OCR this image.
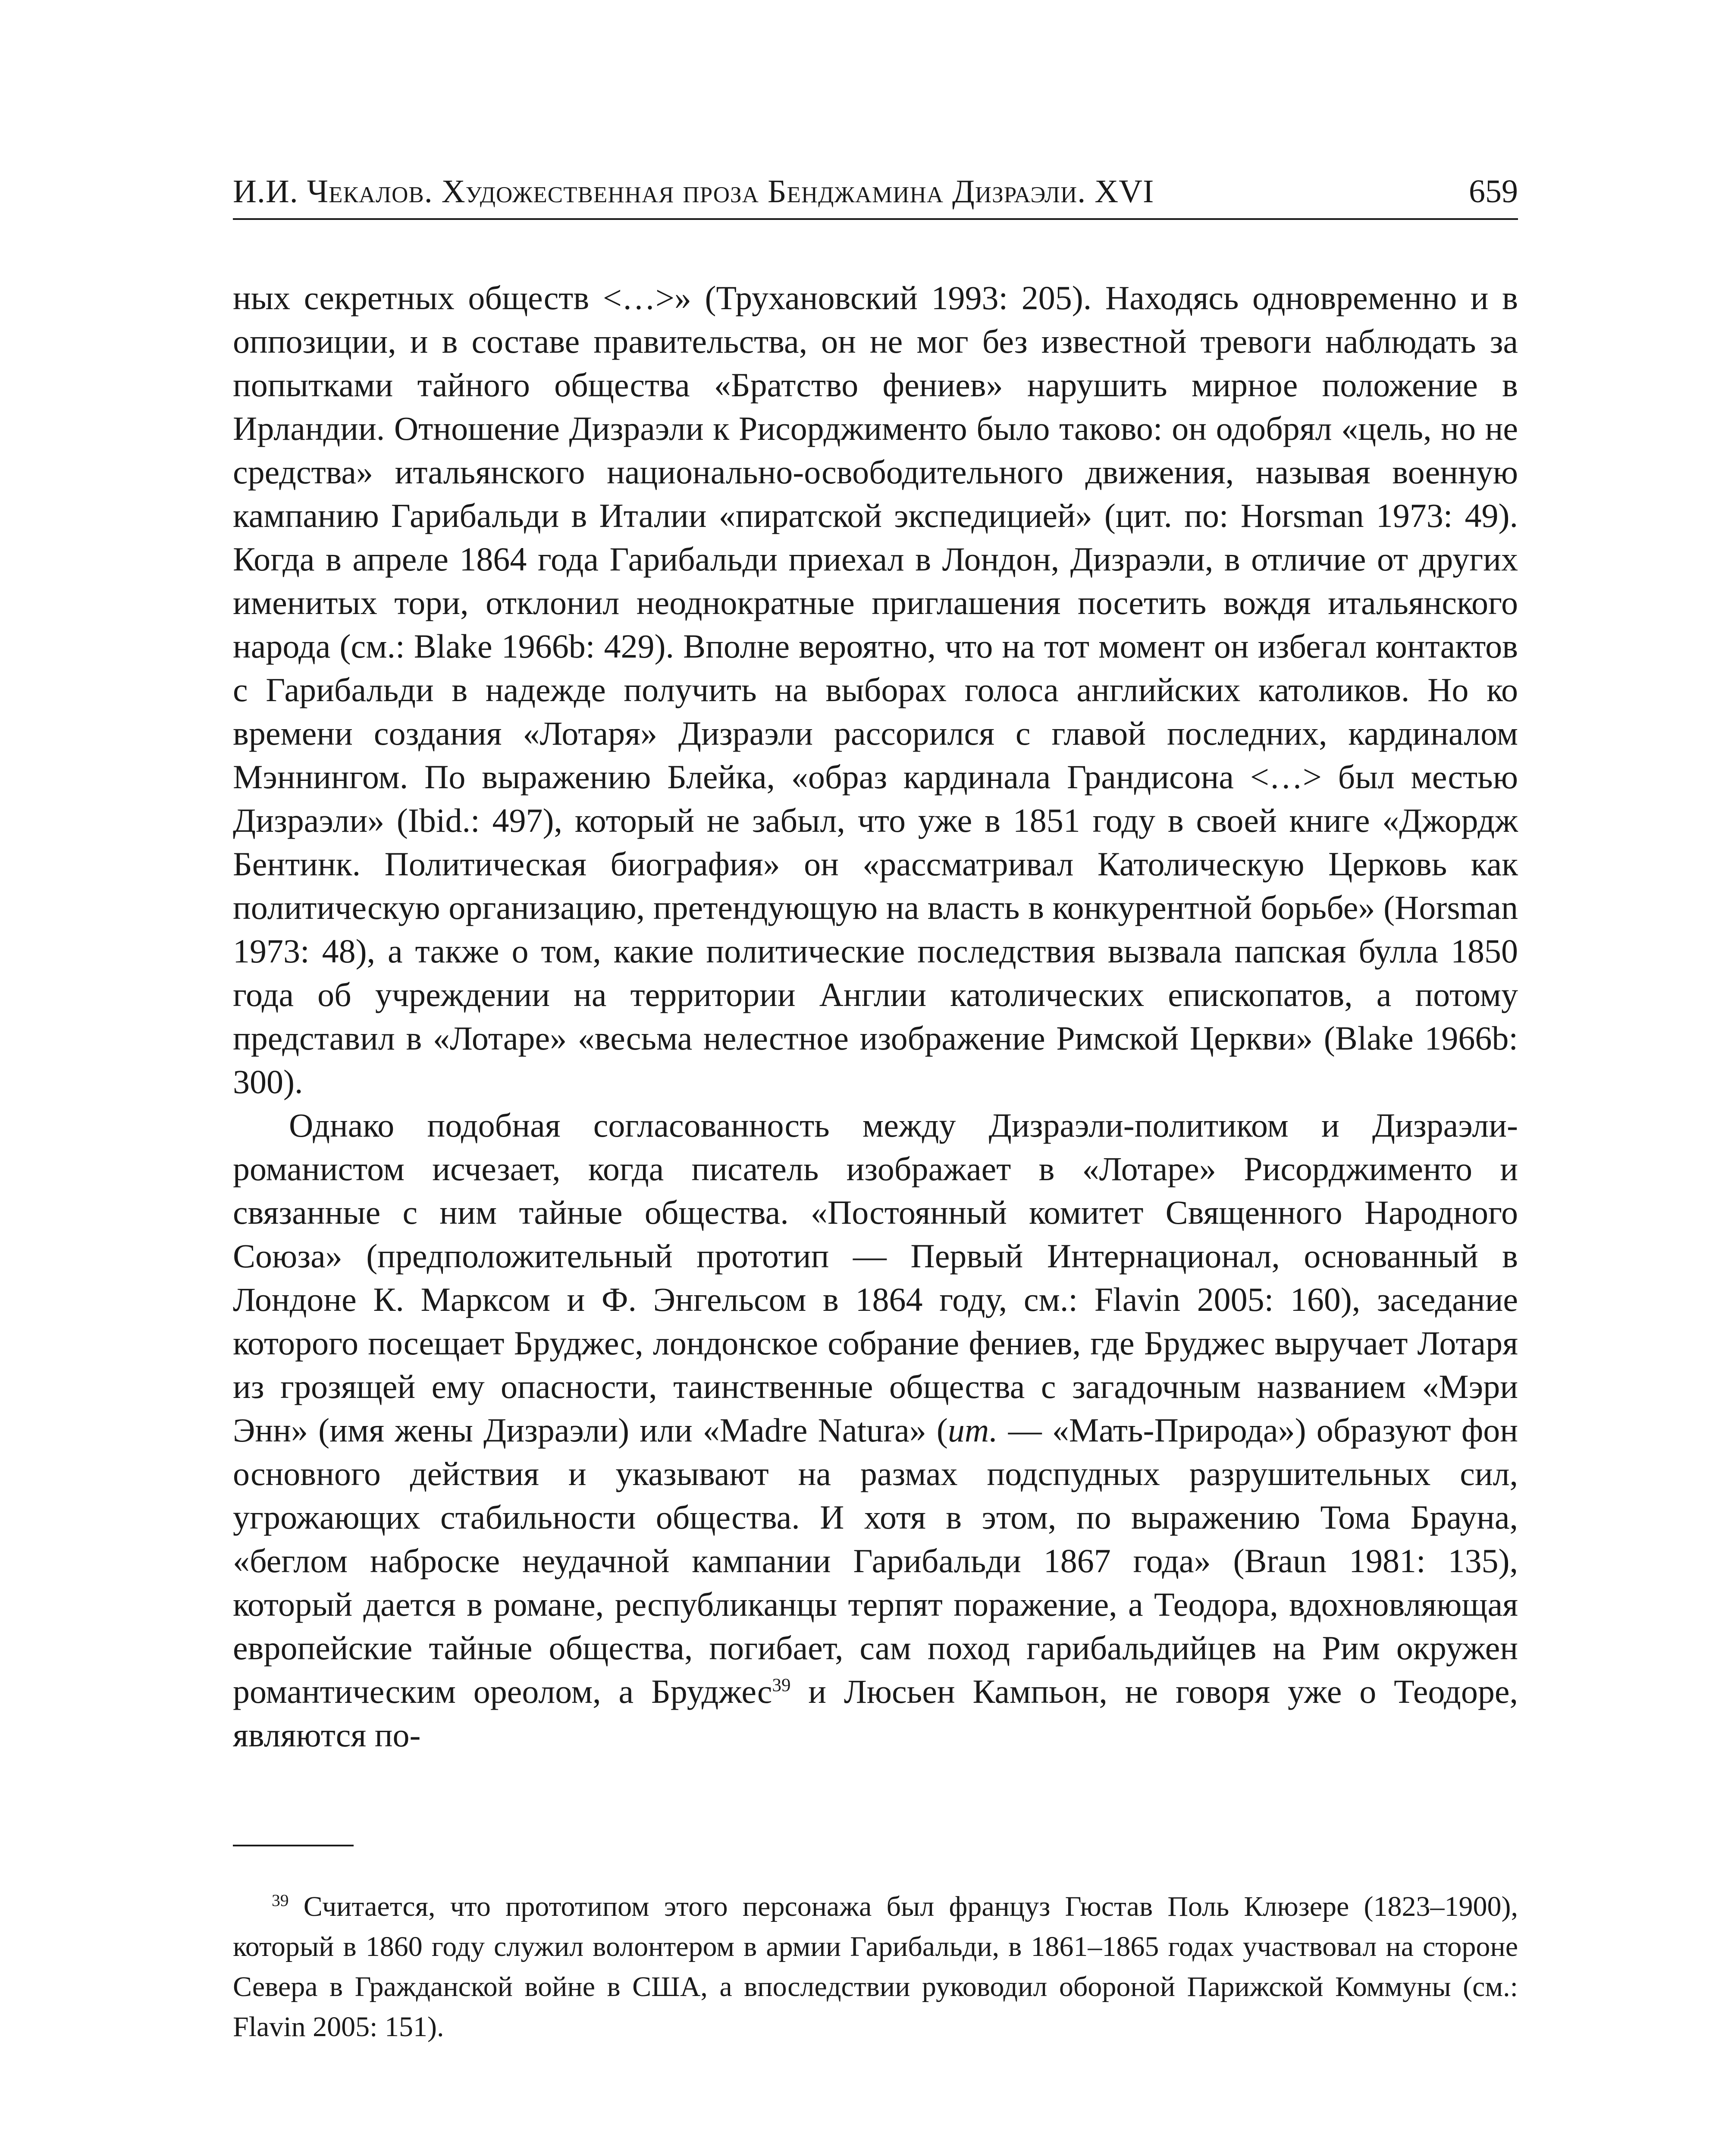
И.И. Чекалов. Художественная проза Бенджамина Дизраэли. XVI	659

ных секретных обществ <…>» (Трухановский 1993: 205). Находясь одновременно и в оппозиции, и в составе правительства, он не мог без известной тревоги наблюдать за попытками тайного общества «Братство фениев» нарушить мирное положение в Ирландии. Отношение Дизраэли к Рисорджименто было таково: он одобрял «цель, но не средства» итальянского национально-освободительного движения, называя военную кампанию Гарибальди в Италии «пиратской экспедицией» (цит. по: Horsman 1973: 49). Когда в апреле 1864 года Гарибальди приехал в Лондон, Дизраэли, в отличие от других именитых тори, отклонил неоднократные приглашения посетить вождя итальянского народа (см.: Blake 1966b: 429). Вполне вероятно, что на тот момент он избегал контактов с Гарибальди в надежде получить на выборах голоса английских католиков. Но ко времени создания «Лотаря» Дизраэли рассорился с главой последних, кардиналом Мэннингом. По выражению Блейка, «образ кардинала Грандисона <…> был местью Дизраэли» (Ibid.: 497), который не забыл, что уже в 1851 году в своей книге «Джордж Бентинк. Политическая биография» он «рассматривал Католическую Церковь как политическую организацию, претендующую на власть в конкурентной борьбе» (Horsman 1973: 48), а также о том, какие политические последствия вызвала папская булла 1850 года об учреждении на территории Англии католических епископатов, а потому представил в «Лотаре» «весьма нелестное изображение Римской Церкви» (Blake 1966b: 300).

Однако подобная согласованность между Дизраэли-политиком и Дизраэли-романистом исчезает, когда писатель изображает в «Лотаре» Рисорджименто и связанные с ним тайные общества. «Постоянный комитет Священного Народного Союза» (предположительный прототип — Первый Интернационал, основанный в Лондоне К. Марксом и Ф. Энгельсом в 1864 году, см.: Flavin 2005: 160), заседание которого посещает Бруджес, лондонское собрание фениев, где Бруджес выручает Лотаря из грозящей ему опасности, таинственные общества с загадочным названием «Мэри Энн» (имя жены Дизраэли) или «Madre Natura» (ит. — «Мать-Природа») образуют фон основного действия и указывают на размах подспудных разрушительных сил, угрожающих стабильности общества. И хотя в этом, по выражению Тома Брауна, «беглом наброске неудачной кампании Гарибальди 1867 года» (Braun 1981: 135), который дается в романе, республиканцы терпят поражение, а Теодора, вдохновляющая европейские тайные общества, погибает, сам поход гарибальдийцев на Рим окружен романтическим ореолом, а Бруджес$^{39}$ и Люсьен Кампьон, не говоря уже о Теодоре, являются по-

$^{39}$ Считается, что прототипом этого персонажа был француз Гюстав Поль Клюзере (1823–1900), который в 1860 году служил волонтером в армии Гарибальди, в 1861–1865 годах участвовал на стороне Севера в Гражданской войне в США, а впоследствии руководил обороной Парижской Коммуны (см.: Flavin 2005: 151).
